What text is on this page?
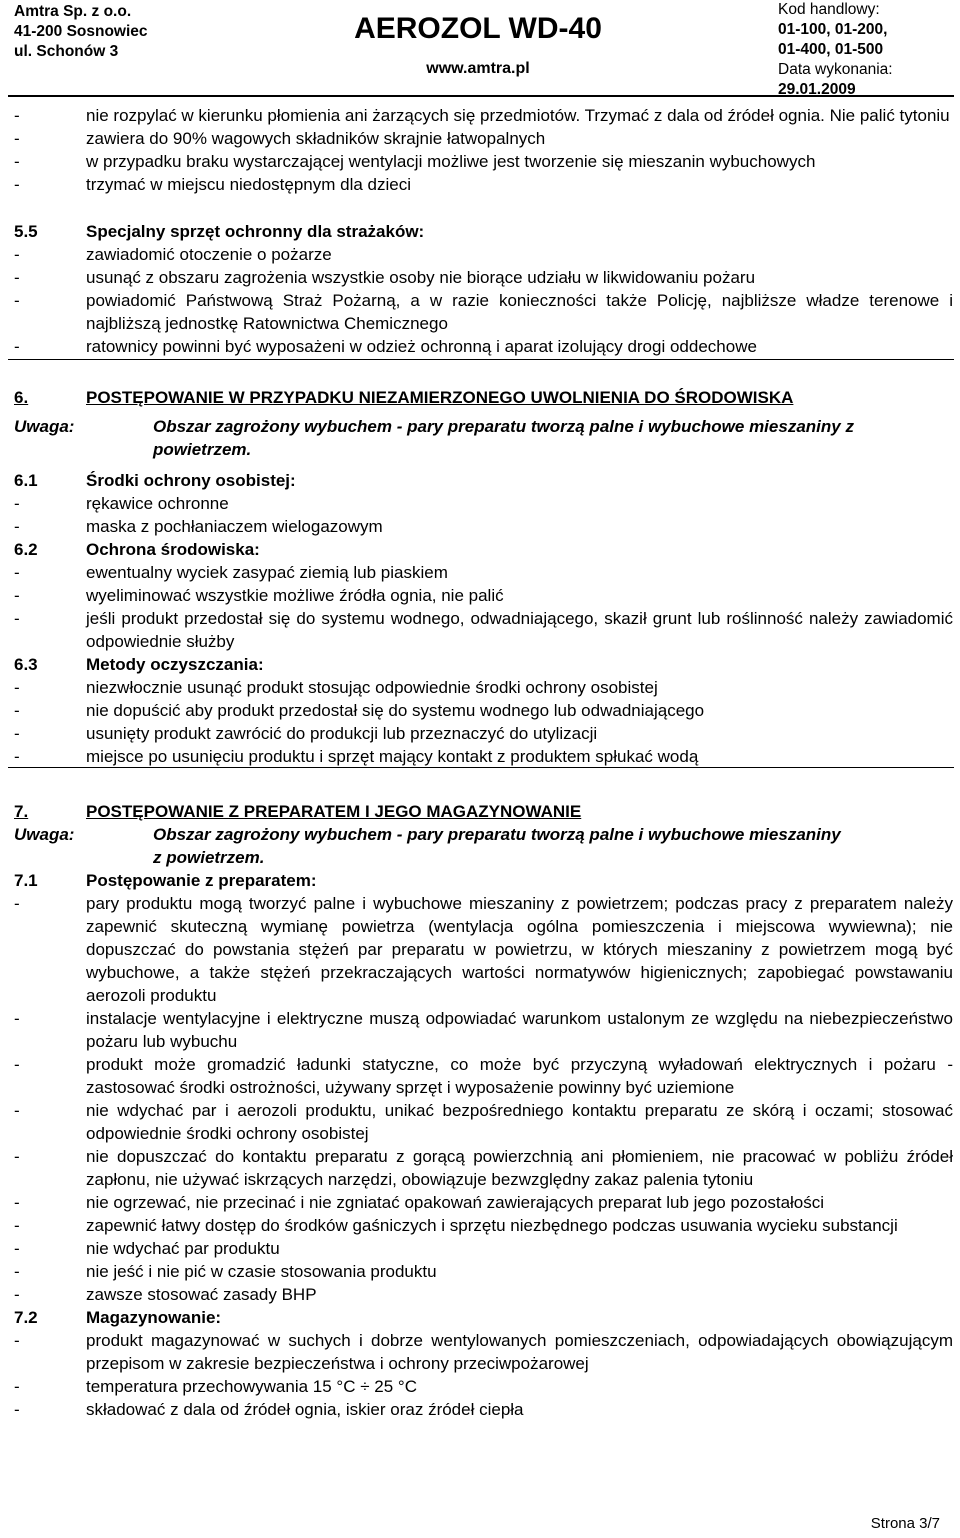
Amtra Sp. z o.o.
41-200 Sosnowiec
ul. Schonów 3
AEROZOL WD-40
www.amtra.pl
Kod handlowy:
01-100, 01-200,
01-400, 01-500
Data wykonania:
29.01.2009
-	nie rozpylać w kierunku płomienia ani żarzących się przedmiotów. Trzymać z dala od źródeł ognia. Nie palić tytoniu
-	zawiera do 90% wagowych składników skrajnie łatwopalnych
-	w przypadku braku wystarczającej wentylacji możliwe jest tworzenie się mieszanin wybuchowych
-	trzymać w miejscu niedostępnym dla dzieci
5.5	Specjalny sprzęt ochronny dla strażaków:
-	zawiadomić otoczenie o pożarze
-	usunąć z obszaru zagrożenia wszystkie osoby nie biorące udziału w likwidowaniu pożaru
-	powiadomić Państwową Straż Pożarną, a w razie konieczności także Policję, najbliższe władze terenowe i najbliższą jednostkę Ratownictwa Chemicznego
-	ratownicy powinni być wyposażeni w odzież ochronną i aparat izolujący drogi oddechowe
6.	POSTĘPOWANIE W PRZYPADKU NIEZAMIERZONEGO UWOLNIENIA DO ŚRODOWISKA
Uwaga:	Obszar zagrożony wybuchem - pary preparatu tworzą palne i wybuchowe mieszaniny z powietrzem.
6.1	Środki ochrony osobistej:
-	rękawice ochronne
-	maska z pochłaniaczem wielogazowym
6.2	Ochrona środowiska:
-	ewentualny wyciek zasypać ziemią lub piaskiem
-	wyeliminować wszystkie możliwe źródła ognia, nie palić
-	jeśli produkt przedostał się do systemu wodnego, odwadniającego, skaził grunt lub roślinność należy zawiadomić odpowiednie służby
6.3	Metody oczyszczania:
-	niezwłocznie usunąć produkt stosując odpowiednie środki ochrony osobistej
-	nie dopuścić aby produkt przedostał się do systemu wodnego lub odwadniającego
-	usunięty produkt zawrócić do produkcji lub przeznaczyć do utylizacji
-	miejsce po usunięciu produktu i sprzęt mający kontakt z produktem spłukać wodą
7.	POSTĘPOWANIE Z PREPARATEM I JEGO MAGAZYNOWANIE
Uwaga:	Obszar zagrożony wybuchem - pary preparatu tworzą palne i wybuchowe mieszaniny z powietrzem.
7.1	Postępowanie z preparatem:
-	pary produktu mogą tworzyć palne i wybuchowe mieszaniny z powietrzem; podczas pracy z preparatem należy zapewnić skuteczną wymianę powietrza (wentylacja ogólna pomieszczenia i miejscowa wywiewna); nie dopuszczać do powstania stężeń par preparatu w powietrzu, w których mieszaniny z powietrzem mogą być wybuchowe, a także stężeń przekraczających wartości normatywów higienicznych; zapobiegać powstawaniu aerozoli produktu
-	instalacje wentylacyjne i elektryczne muszą odpowiadać warunkom ustalonym ze względu na niebezpieczeństwo pożaru lub wybuchu
-	produkt może gromadzić ładunki statyczne, co może być przyczyną wyładowań elektrycznych i pożaru - zastosować środki ostrożności, używany sprzęt i wyposażenie powinny być uziemione
-	nie wdychać par i aerozoli produktu, unikać bezpośredniego kontaktu preparatu ze skórą i oczami; stosować odpowiednie środki ochrony osobistej
-	nie dopuszczać do kontaktu preparatu z gorącą powierzchnią ani płomieniem, nie pracować w pobliżu źródeł zapłonu, nie używać iskrzących narzędzi, obowiązuje bezwzględny zakaz palenia tytoniu
-	nie ogrzewać, nie przecinać i nie zgniatać opakowań zawierających preparat lub jego pozostałości
-	zapewnić łatwy dostęp do środków gaśniczych i sprzętu niezbędnego podczas usuwania wycieku substancji
-	nie wdychać par produktu
-	nie jeść i nie pić w czasie stosowania produktu
-	zawsze stosować zasady BHP
7.2	Magazynowanie:
-	produkt magazynować w suchych i dobrze wentylowanych pomieszczeniach, odpowiadających obowiązującym przepisom w zakresie bezpieczeństwa i ochrony przeciwpożarowej
-	temperatura przechowywania 15 °C ÷ 25 °C
-	składować z dala od źródeł ognia, iskier oraz źródeł ciepła
Strona 3/7
